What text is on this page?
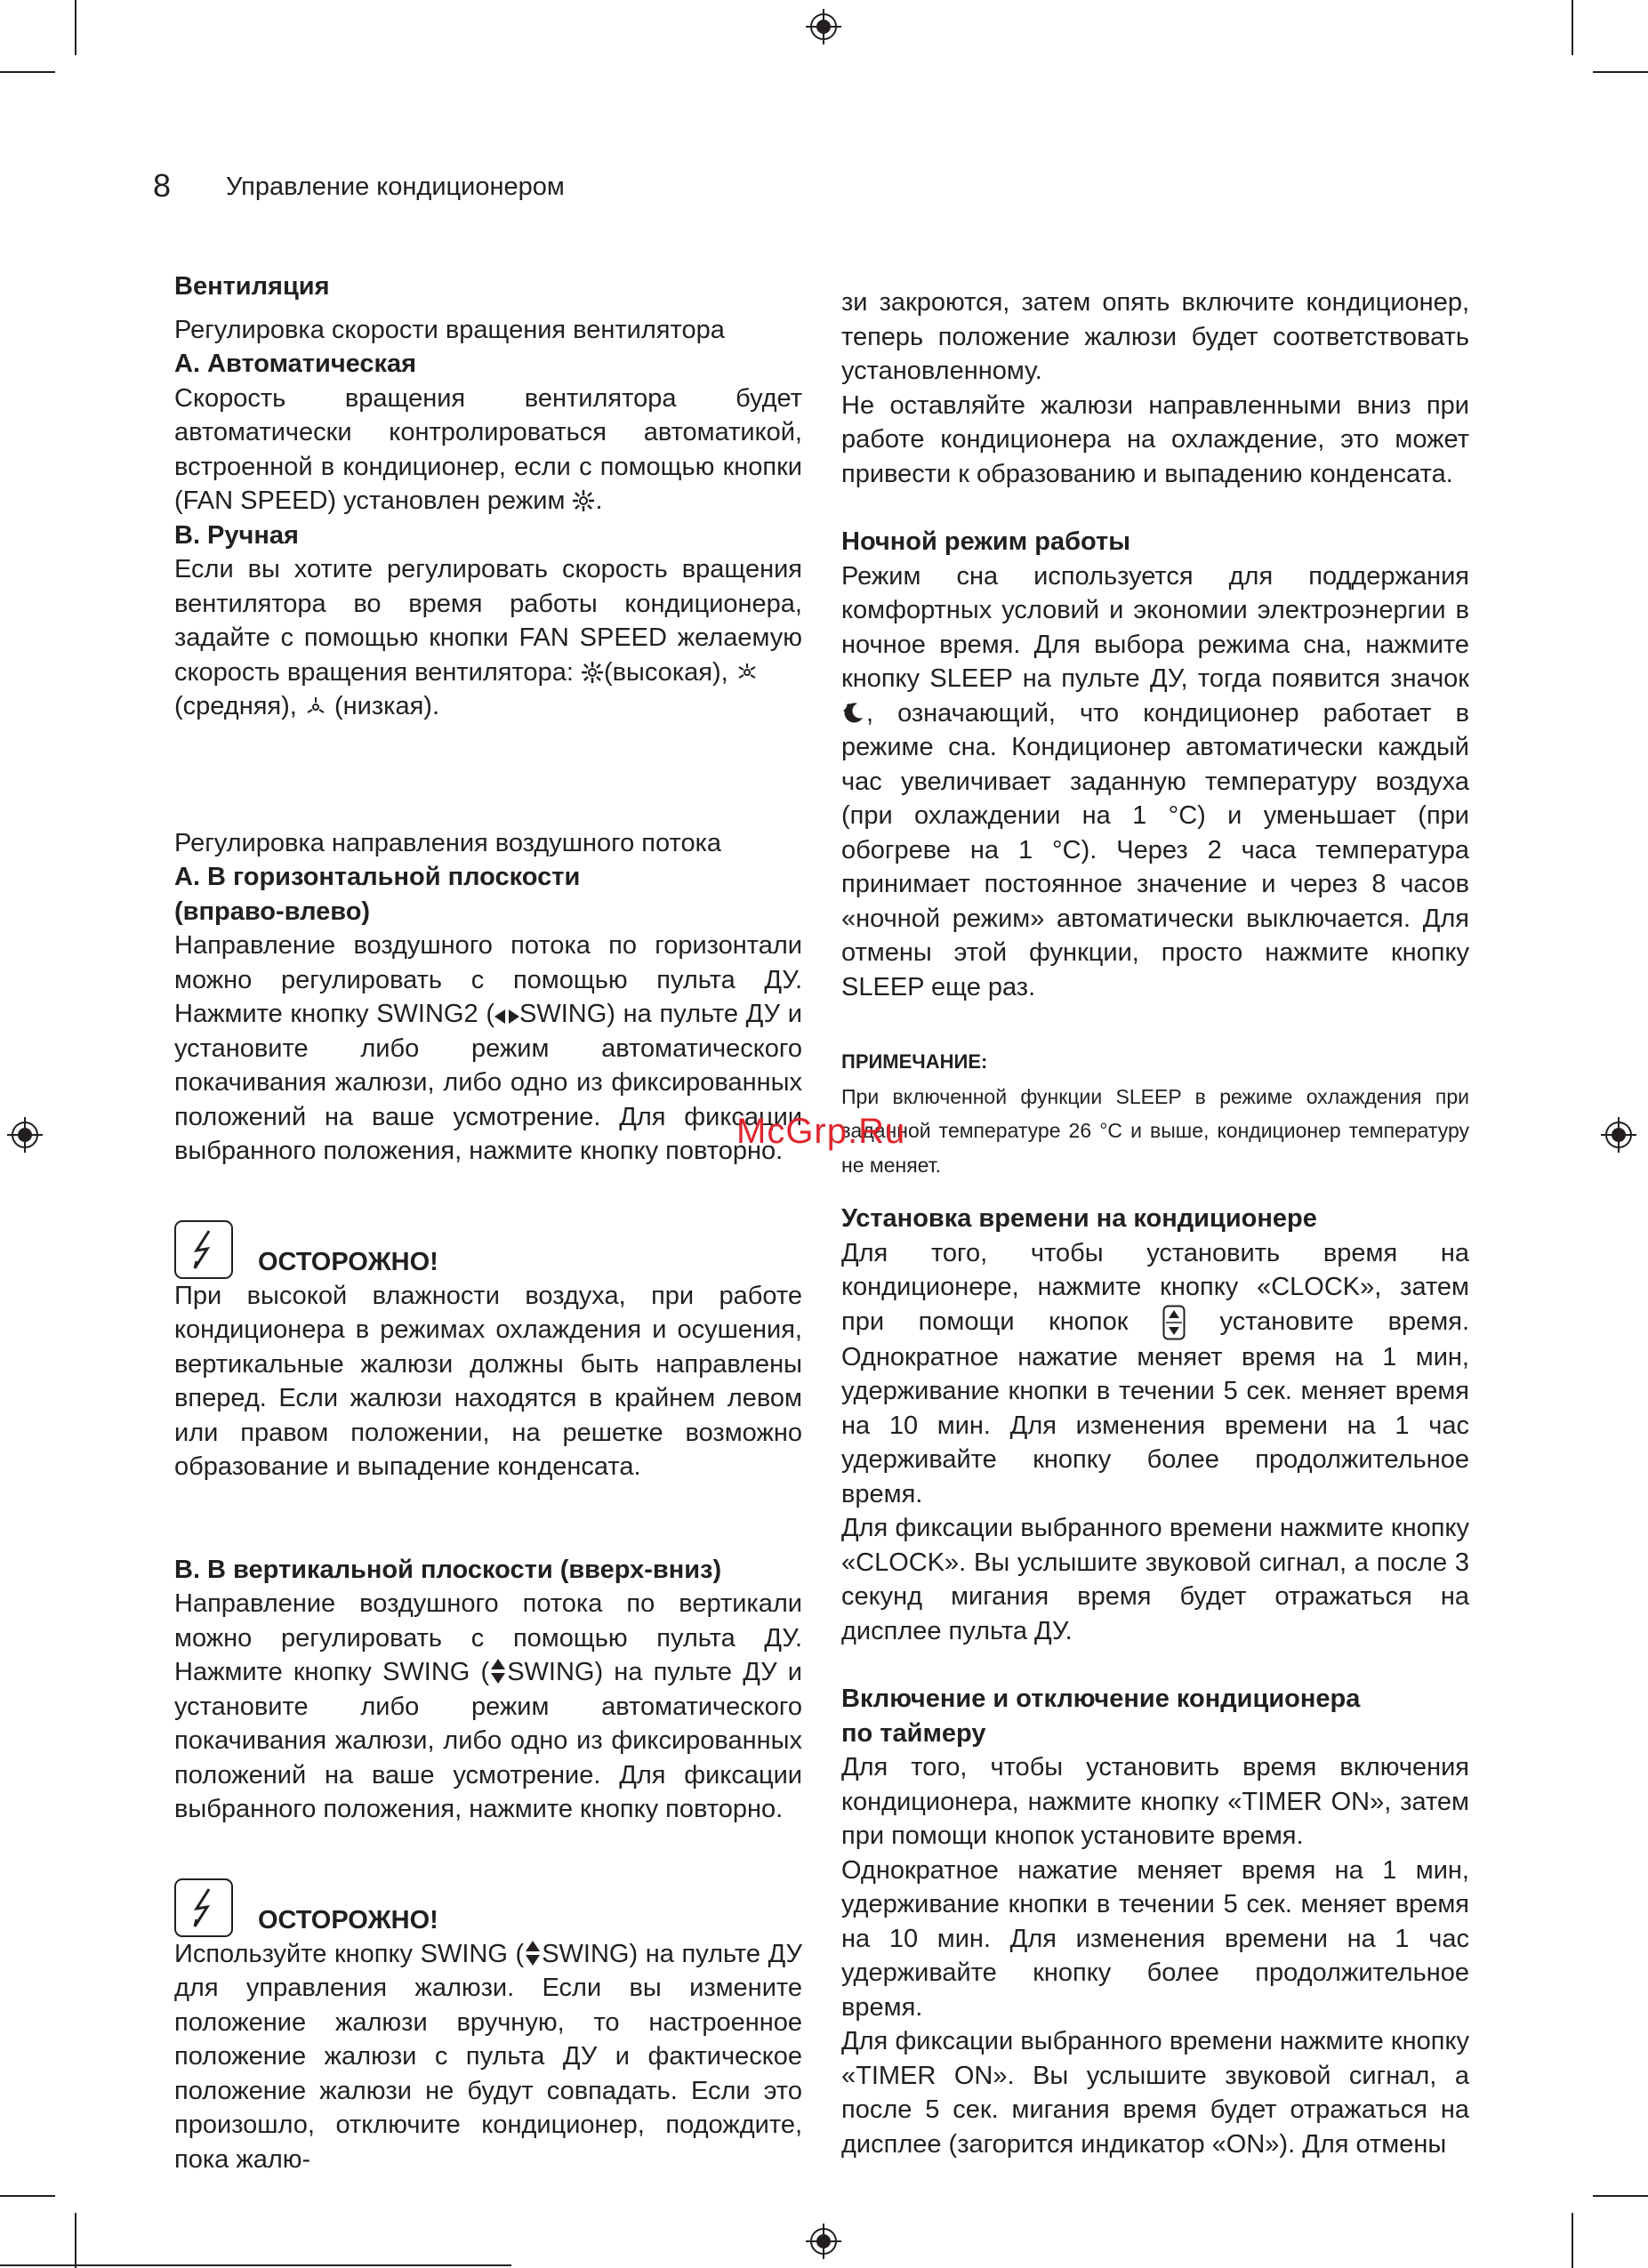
8 Управление кондиционером
Вентиляция

Регулировка скорости вращения вентилятора

A. Автоматическая

Скорость вращения вентилятора будет автоматически контролироваться автоматикой, встроенной в кондиционер, если с помощью кнопки (FAN SPEED) установлен режим .

B. Ручная

Если вы хотите регулировать скорость вращения вентилятора во время работы кондиционера, задайте с помощью кнопки FAN SPEED желаемую скорость вращения вентилятора: (высокая),
(средняя), (низкая).

Регулировка направления воздушного потока

A. В горизонтальной плоскости
(вправо-влево)

Направление воздушного потока по горизонтали можно регулировать с помощью пульта ДУ. Нажмите кнопку SWING2 ( SWING) на пульте ДУ и установите либо режим автоматического покачивания жалюзи, либо одно из фиксированных положений на ваше усмотрение. Для фиксации выбранного положения, нажмите кнопку повторно.

ОСТОРОЖНО!

При высокой влажности воздуха, при работе кондиционера в режимах охлаждения и осушения, вертикальные жалюзи должны быть направлены вперед. Если жалюзи находятся в крайнем левом или правом положении, на решетке возможно образование и выпадение конденсата.

B. В вертикальной плоскости (вверх-вниз)

Направление воздушного потока по вертикали можно регулировать с помощью пульта ДУ. Нажмите кнопку SWING ( SWING) на пульте ДУ и установите либо режим автоматического покачивания жалюзи, либо одно из фиксированных положений на ваше усмотрение. Для фиксации выбранного положения, нажмите кнопку повторно.

ОСТОРОЖНО!

Используйте кнопку SWING ( SWING) на пульте ДУ для управления жалюзи. Если вы измените положение жалюзи вручную, то настроенное положение жалюзи с пульта ДУ и фактическое положение жалюзи не будут совпадать. Если это произошло, отключите кондиционер, подождите, пока жалю-

зи закроются, затем опять включите кондиционер, теперь положение жалюзи будет соответствовать установленному.

Не оставляйте жалюзи направленными вниз при работе кондиционера на охлаждение, это может привести к образованию и выпадению конденсата.

Ночной режим работы

Режим сна используется для поддержания комфортных условий и экономии электроэнергии в ночное время. Для выбора режима сна, нажмите кнопку SLEEP на пульте ДУ, тогда появится значок , означающий, что кондиционер работает в режиме сна. Кондиционер автоматически каждый час увеличивает заданную температуру воздуха (при охлаждении на 1 °C) и уменьшает (при обогреве на 1 °C). Через 2 часа температура принимает постоянное значение и через 8 часов «ночной режим» автоматически выключается. Для отмены этой функции, просто нажмите кнопку SLEEP еще раз.

ПРИМЕЧАНИЕ:

При включенной функции SLEEP в режиме охлаждения при заданной температуре 26 °C и выше, кондиционер температуру не меняет.

Установка времени на кондиционере

Для того, чтобы установить время на кондиционере, нажмите кнопку «CLOCK», затем при помощи кнопок	установите время. Однократное нажатие меняет время на 1 мин, удерживание кнопки в течении 5 сек. меняет время на 10 мин. Для изменения времени на 1 час удерживайте кнопку более продолжительное время.

Для фиксации выбранного времени нажмите кнопку «CLOCK». Вы услышите звуковой сигнал, а после 3 секунд мигания время будет отражаться на дисплее пульта ДУ.

Включение и отключение кондиционера
по таймеру

Для того, чтобы установить время включения кондиционера, нажмите кнопку «TIMER ON», затем при помощи кнопок установите время.

Однократное нажатие меняет время на 1 мин, удерживание кнопки в течении 5 сек. меняет время на 10 мин. Для изменения времени на 1 час удерживайте кнопку более продолжительное время.

Для фиксации выбранного времени нажмите кнопку «TIMER ON». Вы услышите звуковой сигнал, а после 5 сек. мигания время будет отражаться на дисплее (загорится индикатор «ON»). Для отмены

McGrp.Ru
